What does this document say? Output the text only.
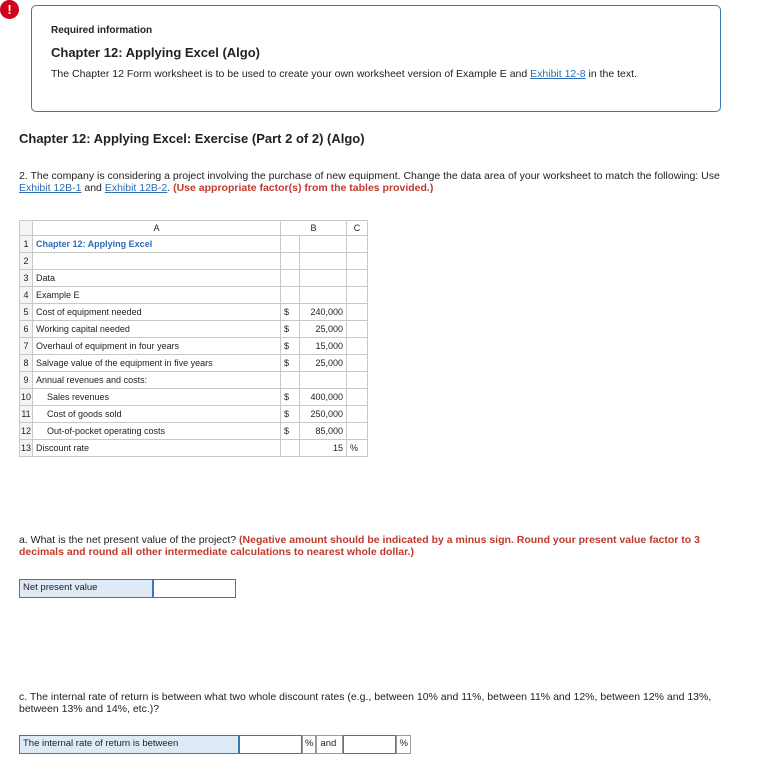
!
Required information
Chapter 12: Applying Excel (Algo)
The Chapter 12 Form worksheet is to be used to create your own worksheet version of Example E and Exhibit 12-8 in the text.
Chapter 12: Applying Excel: Exercise (Part 2 of 2) (Algo)
2. The company is considering a project involving the purchase of new equipment. Change the data area of your worksheet to match the following: Use Exhibit 12B-1 and Exhibit 12B-2. (Use appropriate factor(s) from the tables provided.)
	A	B		C
1	Chapter 12: Applying Excel			
2				
3	Data			
4	Example E			
5	Cost of equipment needed	$	240,000	
6	Working capital needed	$	25,000	
7	Overhaul of equipment in four years	$	15,000	
8	Salvage value of the equipment in five years	$	25,000	
9	Annual revenues and costs:			
10	Sales revenues	$	400,000	
11	Cost of goods sold	$	250,000	
12	Out-of-pocket operating costs	$	85,000	
13	Discount rate		15	%
a. What is the net present value of the project? (Negative amount should be indicated by a minus sign. Round your present value factor to 3 decimals and round all other intermediate calculations to nearest whole dollar.)
Net present value
c. The internal rate of return is between what two whole discount rates (e.g., between 10% and 11%, between 11% and 12%, between 12% and 13%, between 13% and 14%, etc.)?
The internal rate of return is between	% and	%
